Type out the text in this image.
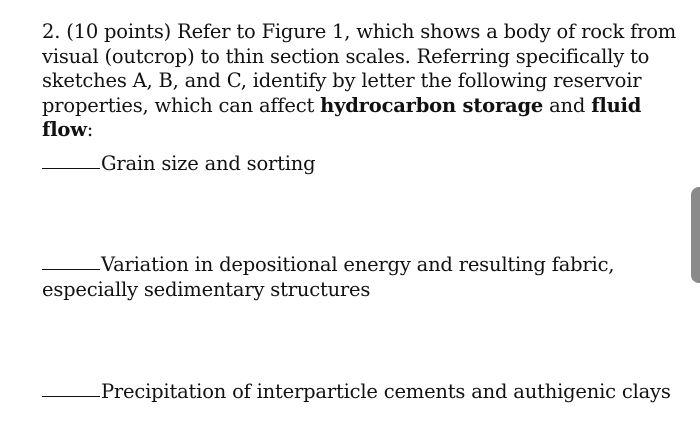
2. (10 points) Refer to Figure 1, which shows a body of rock from visual (outcrop) to thin section scales. Referring specifically to sketches A, B, and C, identify by letter the following reservoir properties, which can affect hydrocarbon storage and fluid flow:
Grain size and sorting
Variation in depositional energy and resulting fabric, especially sedimentary structures
Precipitation of interparticle cements and authigenic clays
